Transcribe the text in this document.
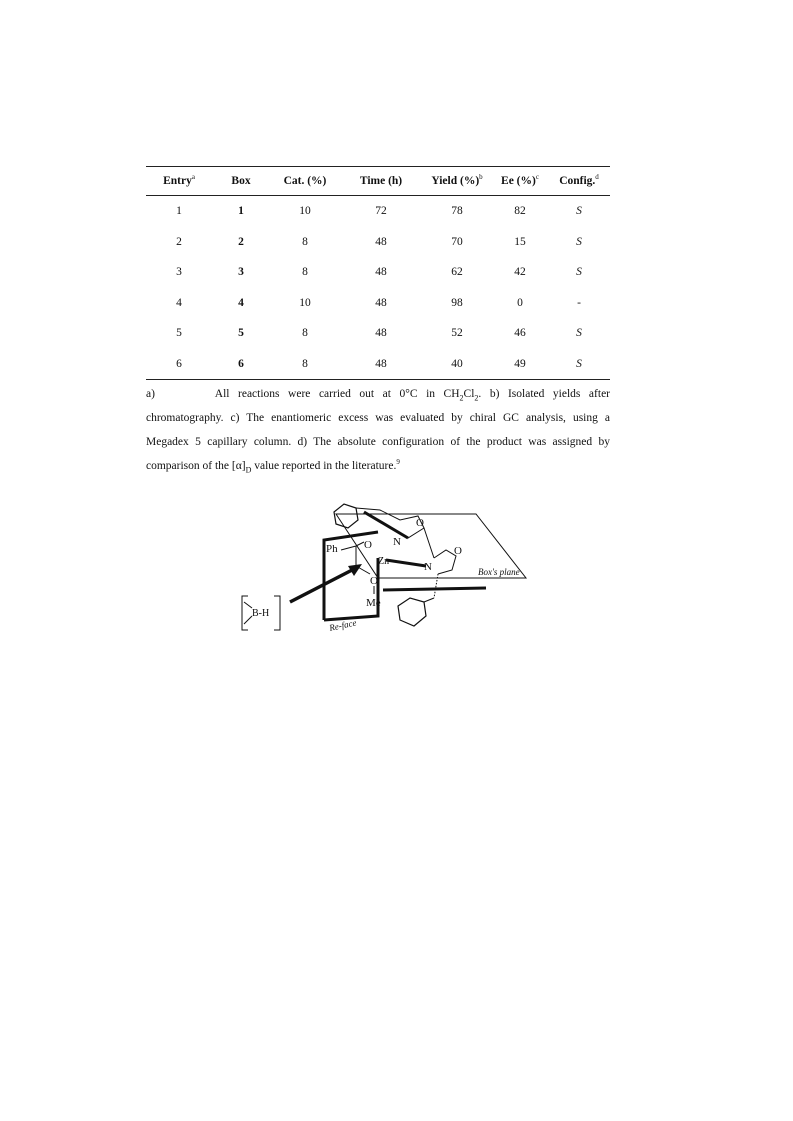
Entry$^a$	Box	Cat. (%)	Time (h)	Yield (%)$^b$	Ee (%)$^c$	Config.$^d$
1	1	10	72	78	82	S
2	2	8	48	70	15	S
3	3	8	48	62	42	S
4	4	10	48	98	0	-
5	5	8	48	52	46	S
6	6	8	48	40	49	S

a)	All reactions were carried out at 0°C in $CH_2Cl_2$. b) Isolated yields after

chromatography. c) The enantiomeric excess was evaluated by chiral GC analysis, using a

Megadex 5 capillary column. d) The absolute configuration of the product was assigned by

comparison of the $[\alpha]_D$ value reported in the literature.$^9$

Box's plane
Re-face
O
N
O
N
Ph O
Zn
O
Me
B-H
